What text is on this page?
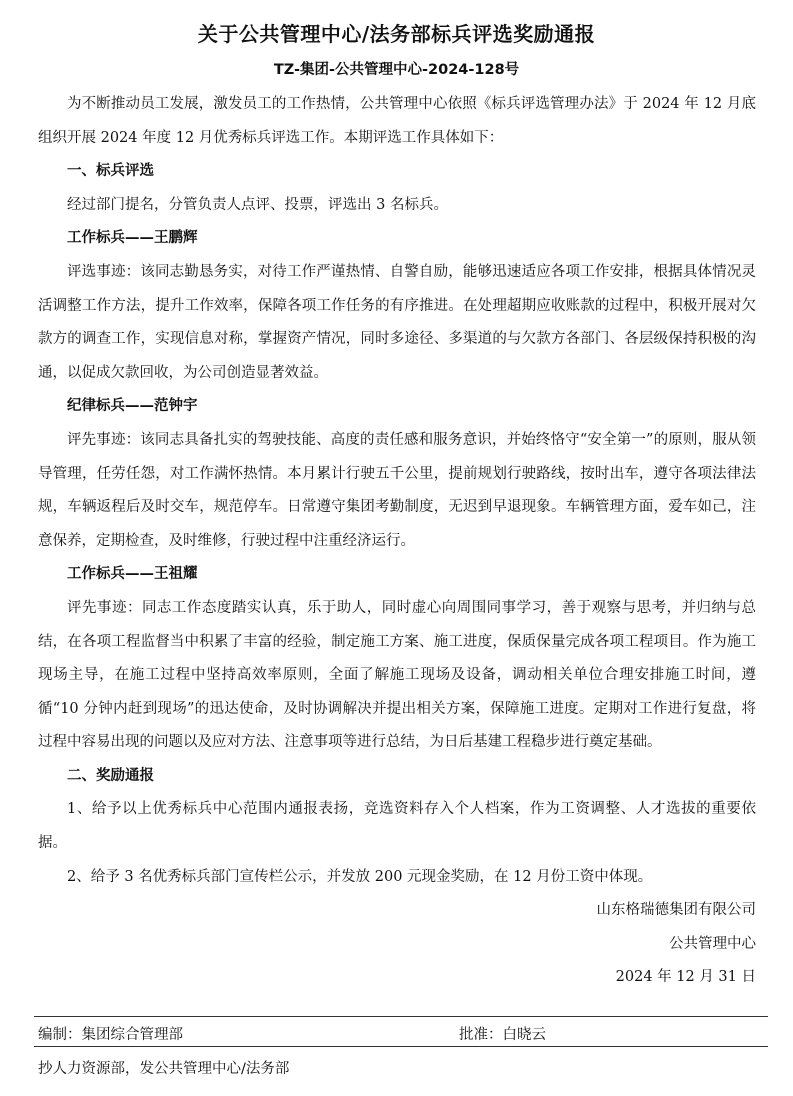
关于公共管理中心/法务部标兵评选奖励通报
TZ-集团-公共管理中心-2024-128号

为不断推动员工发展，激发员工的工作热情，公共管理中心依照《标兵评选管理办法》于 2024 年 12 月底组织开展 2024 年度 12 月优秀标兵评选工作。本期评选工作具体如下：

一、标兵评选

经过部门提名，分管负责人点评、投票，评选出 3 名标兵。

工作标兵——王鹏辉

评选事迹：该同志勤恳务实，对待工作严谨热情、自警自励，能够迅速适应各项工作安排，根据具体情况灵活调整工作方法，提升工作效率，保障各项工作任务的有序推进。在处理超期应收账款的过程中，积极开展对欠款方的调查工作，实现信息对称，掌握资产情况，同时多途径、多渠道的与欠款方各部门、各层级保持积极的沟通，以促成欠款回收，为公司创造显著效益。

纪律标兵——范钟宇

评先事迹：该同志具备扎实的驾驶技能、高度的责任感和服务意识，并始终恪守“安全第一”的原则，服从领导管理，任劳任怨，对工作满怀热情。本月累计行驶五千公里，提前规划行驶路线，按时出车，遵守各项法律法规，车辆返程后及时交车，规范停车。日常遵守集团考勤制度，无迟到早退现象。车辆管理方面，爱车如己，注意保养，定期检查，及时维修，行驶过程中注重经济运行。

工作标兵——王祖耀

评先事迹：同志工作态度踏实认真，乐于助人，同时虚心向周围同事学习，善于观察与思考，并归纳与总结，在各项工程监督当中积累了丰富的经验，制定施工方案、施工进度，保质保量完成各项工程项目。作为施工现场主导，在施工过程中坚持高效率原则，全面了解施工现场及设备，调动相关单位合理安排施工时间，遵循“10 分钟内赶到现场”的迅达使命，及时协调解决并提出相关方案，保障施工进度。定期对工作进行复盘，将过程中容易出现的问题以及应对方法、注意事项等进行总结，为日后基建工程稳步进行奠定基础。

二、奖励通报

1、给予以上优秀标兵中心范围内通报表扬，竞选资料存入个人档案，作为工资调整、人才选拔的重要依据。

2、给予 3 名优秀标兵部门宣传栏公示，并发放 200 元现金奖励，在 12 月份工资中体现。

山东格瑞德集团有限公司

公共管理中心

2024 年 12 月 31 日

编制：集团综合管理部	批准：白晓云
抄人力资源部，发公共管理中心/法务部
